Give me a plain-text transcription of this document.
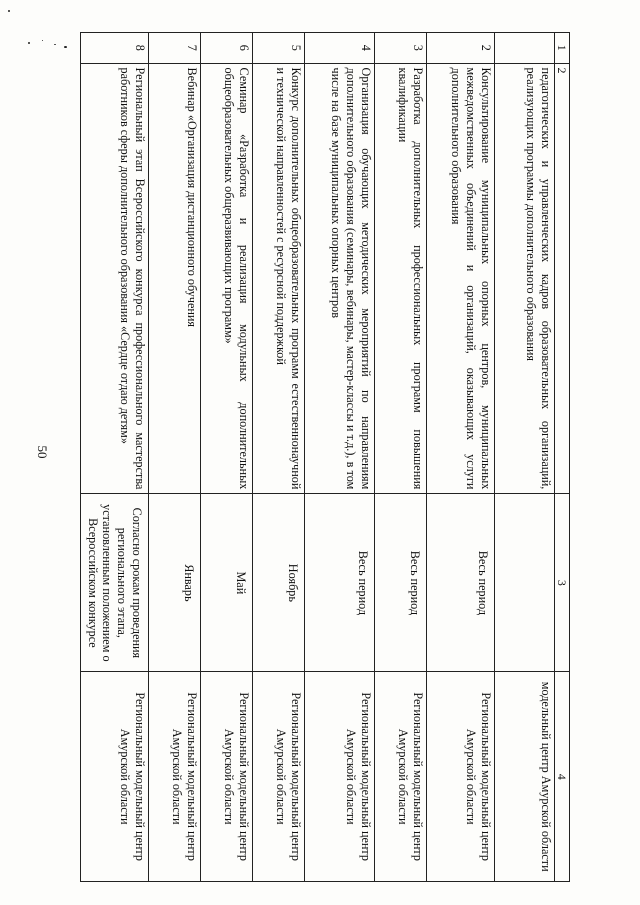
50
1	2	3	4
	педагогических и управленческих кадров образовательных организаций, реализующих программы дополнительного образования		модельный центр Амурской области
2	Консультирование муниципальных опорных центров, муниципальных межведомственных объединений и организаций, оказывающих услуги дополнительного образования	Весь период	Региональный модельный центр Амурской области
3	Разработка дополнительных профессиональных программ повышения квалификации	Весь период	Региональный модельный центр Амурской области
4	Организация обучающих методических мероприятий по направлениям дополнительного образования (семинары, вебинары, мастер-классы и т.д.), в том числе на базе муниципальных опорных центров	Весь период	Региональный модельный центр Амурской области
5	Конкурс дополнительных общеобразовательных программ естественнонаучной и технической направленностей с ресурсной поддержкой	Ноябрь	Региональный модельный центр Амурской области
6	Семинар «Разработка и реализация модульных дополнительных общеобразовательных общеразвивающих программ»	Май	Региональный модельный центр Амурской области
7	Вебинар «Организация дистанционного обучения	Январь	Региональный модельный центр Амурской области
8	Региональный этап Всероссийского конкурса профессионального мастерства работников сферы дополнительного образования «Сердце отдаю детям»	Согласно срокам проведения регионального этапа, установленным положением о Всероссийском конкурсе	Региональный модельный центр Амурской области
